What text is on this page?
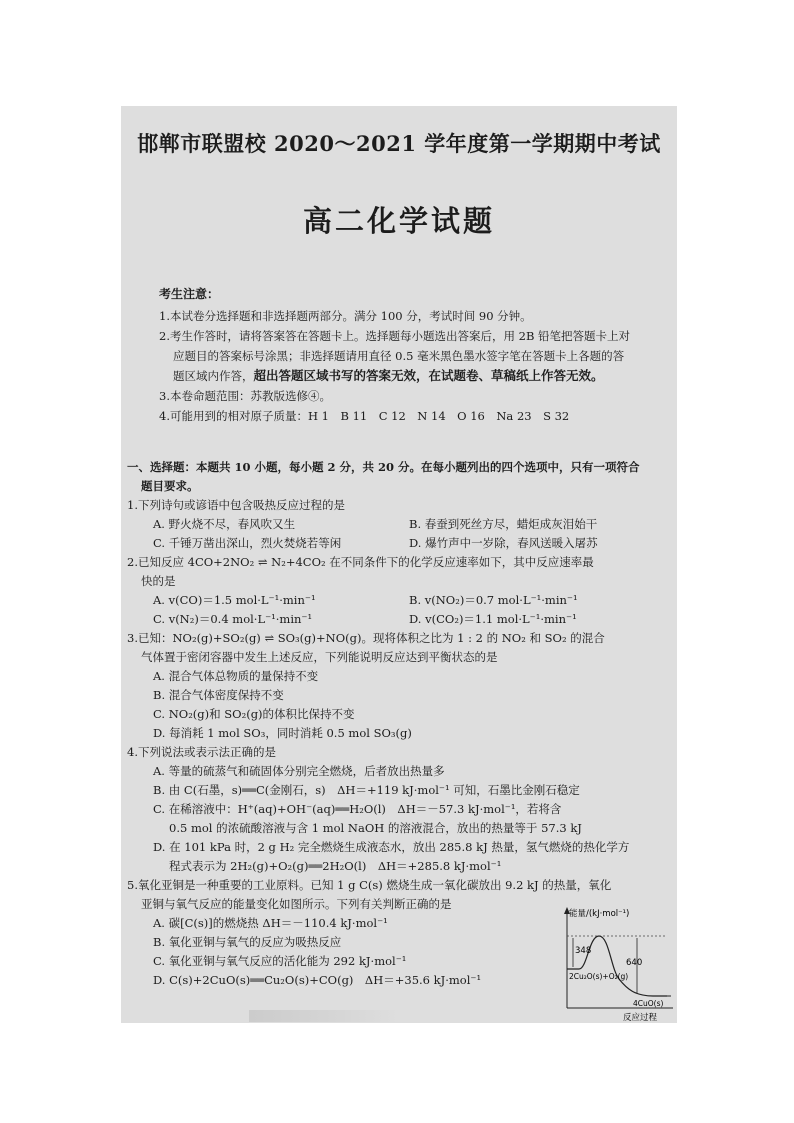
邯郸市联盟校 2020～2021 学年度第一学期期中考试
高二化学试题
考生注意：

1.本试卷分选择题和非选择题两部分。满分 100 分，考试时间 90 分钟。

2.考生作答时，请将答案答在答题卡上。选择题每小题选出答案后，用 2B 铅笔把答题卡上对

应题目的答案标号涂黑；非选择题请用直径 0.5 毫米黑色墨水签字笔在答题卡上各题的答

题区域内作答，超出答题区域书写的答案无效，在试题卷、草稿纸上作答无效。

3.本卷命题范围：苏教版选修④。

4.可能用到的相对原子质量：H 1　B 11　C 12　N 14　O 16　Na 23　S 32

一、选择题：本题共 10 小题，每小题 2 分，共 20 分。在每小题列出的四个选项中，只有一项符合
题目要求。
1.下列诗句或谚语中包含吸热反应过程的是
A. 野火烧不尽，春风吹又生	B. 春蚕到死丝方尽，蜡炬成灰泪始干
C. 千锤万凿出深山，烈火焚烧若等闲	D. 爆竹声中一岁除，春风送暖入屠苏
2.已知反应 4CO+2NO₂ ⇌ N₂+4CO₂ 在不同条件下的化学反应速率如下，其中反应速率最
快的是
A. v(CO)＝1.5 mol·L⁻¹·min⁻¹	B. v(NO₂)＝0.7 mol·L⁻¹·min⁻¹
C. v(N₂)＝0.4 mol·L⁻¹·min⁻¹	D. v(CO₂)＝1.1 mol·L⁻¹·min⁻¹
3.已知：NO₂(g)+SO₂(g) ⇌ SO₃(g)+NO(g)。现将体积之比为 1 : 2 的 NO₂ 和 SO₂ 的混合
气体置于密闭容器中发生上述反应，下列能说明反应达到平衡状态的是
A. 混合气体总物质的量保持不变
B. 混合气体密度保持不变
C. NO₂(g)和 SO₂(g)的体积比保持不变
D. 每消耗 1 mol SO₃，同时消耗 0.5 mol SO₃(g)
4.下列说法或表示法正确的是
A. 等量的硫蒸气和硫固体分别完全燃烧，后者放出热量多
B. 由 C(石墨，s)══C(金刚石，s)　ΔH＝+119 kJ·mol⁻¹ 可知，石墨比金刚石稳定
C. 在稀溶液中：H⁺(aq)+OH⁻(aq)══H₂O(l)　ΔH＝－57.3 kJ·mol⁻¹，若将含
0.5 mol 的浓硫酸溶液与含 1 mol NaOH 的溶液混合，放出的热量等于 57.3 kJ
D. 在 101 kPa 时，2 g H₂ 完全燃烧生成液态水，放出 285.8 kJ 热量，氢气燃烧的热化学方
程式表示为 2H₂(g)+O₂(g)══2H₂O(l)　ΔH＝+285.8 kJ·mol⁻¹
5.氧化亚铜是一种重要的工业原料。已知 1 g C(s) 燃烧生成一氧化碳放出 9.2 kJ 的热量，氧化
亚铜与氧气反应的能量变化如图所示。下列有关判断正确的是
A. 碳[C(s)]的燃烧热 ΔH＝－110.4 kJ·mol⁻¹
B. 氧化亚铜与氧气的反应为吸热反应
C. 氧化亚铜与氧气反应的活化能为 292 kJ·mol⁻¹
D. C(s)+2CuO(s)══Cu₂O(s)+CO(g)　ΔH＝+35.6 kJ·mol⁻¹
能量/(kJ·mol⁻¹)
348
640
2Cu₂O(s)+O₂(g)
4CuO(s)
反应过程
